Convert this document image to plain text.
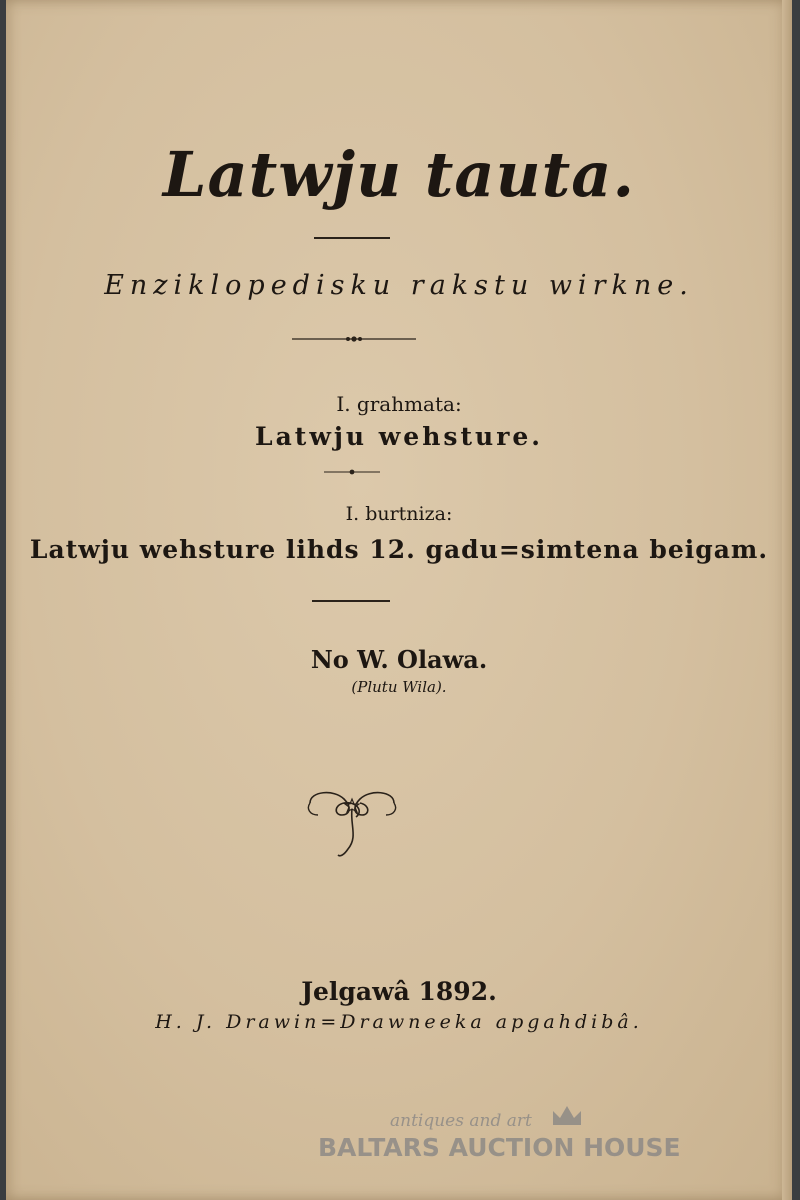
Latwju tauta.
Enziklopedisku rakstu wirkne.
I. grahmata:
Latwju wehsture.
I. burtniza:
Latwju wehsture lihds 12. gadu=simtena beigam.
No W. Olawa.
(Plutu Wila).
Jelgawâ 1892.
H. J. Drawin=Drawneeka apgahdibâ.
antiques and art
BALTARS AUCTION HOUSE
